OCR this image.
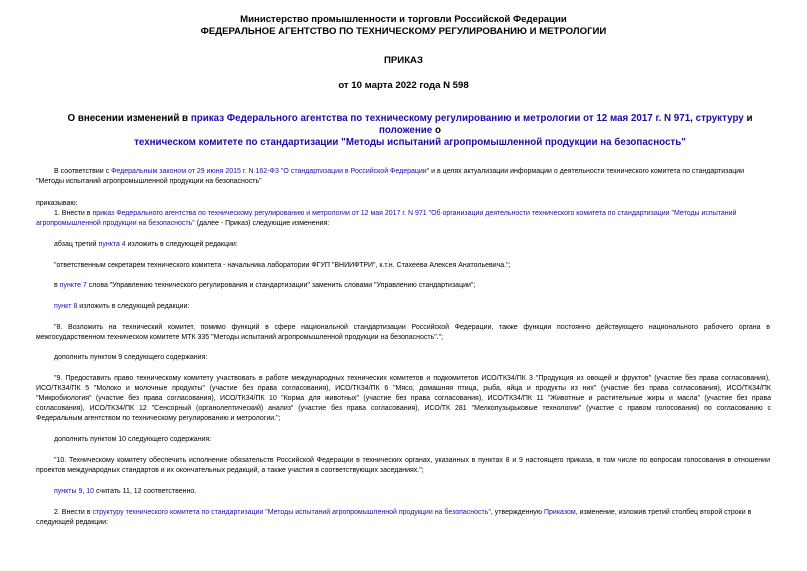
Министерство промышленности и торговли Российской Федерации
ФЕДЕРАЛЬНОЕ АГЕНТСТВО ПО ТЕХНИЧЕСКОМУ РЕГУЛИРОВАНИЮ И МЕТРОЛОГИИ
ПРИКАЗ
от 10 марта 2022 года N 598
О внесении изменений в приказ Федерального агентства по техническому регулированию и метрологии от 12 мая 2017 г. N 971, структуру и положение о
техническом комитете по стандартизации "Методы испытаний агропромышленной продукции на безопасность"
В соответствии с Федеральным законом от 29 июня 2015 г. N 162-ФЗ "О стандартизации в Российской Федерации" и в целях актуализации информации о деятельности технического комитета по стандартизации
"Методы испытаний агропромышленной продукции на безопасность"
приказываю:
1. Внести в приказ Федерального агентства по техническому регулированию и метрологии от 12 мая 2017 г. N 971 "Об организации деятельности технического комитета по стандартизации "Методы испытаний
агропромышленной продукции на безопасность" (далее - Приказ) следующие изменения:
абзац третий пункта 4 изложить в следующей редакции:
"ответственным секретарем технического комитета - начальника лаборатории ФГУП "ВНИИФТРИ", к.т.н. Стахеева Алексея Анатольевича.";
в пункте 7 слова "Управлению технического регулирования и стандартизации" заменить словами "Управлению стандартизации";
пункт 8 изложить в следующей редакции:
"8. Возложить на технический комитет, помимо функций в сфере национальной стандартизации Российской Федерации, также функции постоянно действующего национального рабочего органа в
межгосударственном техническом комитете МТК 335 "Методы испытаний агропромышленной продукции на безопасность".";
дополнить пунктом 9 следующего содержания:
"9. Предоставить право техническому комитету участвовать в работе международных технических комитетов и подкомитетов ИСО/ТК34/ПК 3 "Продукция из овощей и фруктов" (участие без права согласования),
ИСО/ТК34/ПК 5 "Молоко и молочные продукты" (участие без права согласования), ИСО/ТК34/ПК 6 "Мясо, домашняя птица, рыба, яйца и продукты из них" (участие без права согласования), ИСО/ТК34/ПК
"Микробиология" (участие без права согласования), ИСО/ТК34/ПК 10 "Корма для животных" (участие без права согласования), ИСО/ТК34/ПК 11 "Животные и растительные жиры и масла" (участие без права
согласования), ИСО/ТК34/ПК 12 "Сенсорный (органолептический) анализ" (участие без права согласования), ИСО/ТК 281 "Мелкопузырьковые технологии" (участие с правом голосования) по согласованию с
Федеральным агентством по техническому регулированию и метрологии.";
дополнить пунктом 10 следующего содержания:
"10. Техническому комитету обеспечить исполнение обязательств Российской Федерации в технических органах, указанных в пунктах 8 и 9 настоящего приказа, в том числе по вопросам голосования в отношении
проектов международных стандартов и их окончательных редакций, а также участия в соответствующих заседаниях.";
пункты 9, 10 считать 11, 12 соответственно.
2. Внести в структуру технического комитета по стандартизации "Методы испытаний агропромышленной продукции на безопасность", утвержденную Приказом, изменение, изложив третий столбец второй строки в
следующей редакции:
